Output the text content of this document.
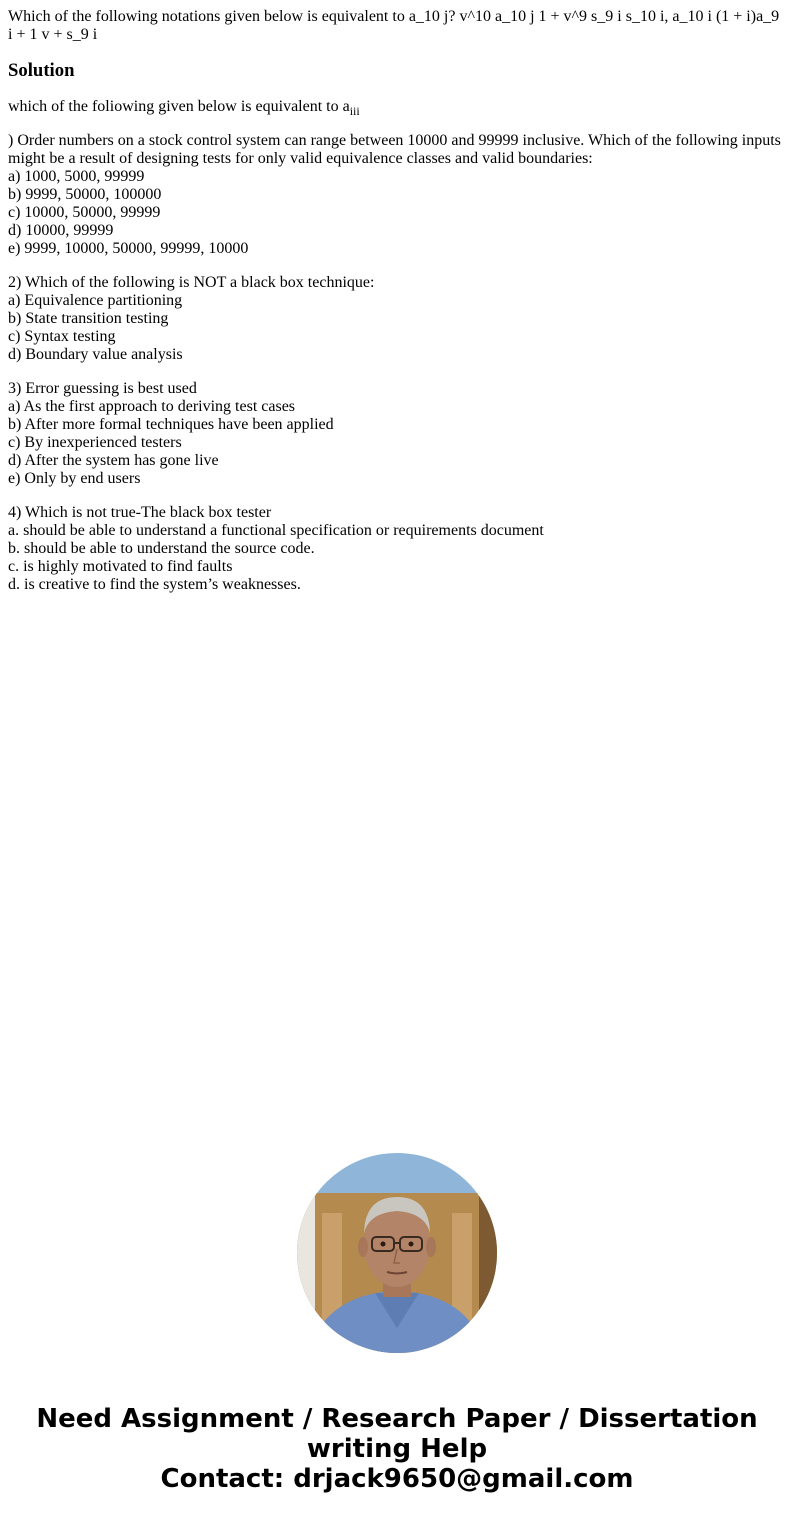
Which of the following notations given below is equivalent to a_10 j? v^10 a_10 j 1 + v^9 s_9 i s_10 i, a_10 i (1 + i)a_9 i + 1 v + s_9 i

Solution

which of the foliowing given below is equivalent to $a_{iii}$

) Order numbers on a stock control system can range between 10000 and 99999 inclusive. Which of the following inputs might be a result of designing tests for only valid equivalence classes and valid boundaries:
a) 1000, 5000, 99999
b) 9999, 50000, 100000
c) 10000, 50000, 99999
d) 10000, 99999
e) 9999, 10000, 50000, 99999, 10000

2) Which of the following is NOT a black box technique:
a) Equivalence partitioning
b) State transition testing
c) Syntax testing
d) Boundary value analysis

3) Error guessing is best used
a) As the first approach to deriving test cases
b) After more formal techniques have been applied
c) By inexperienced testers
d) After the system has gone live
e) Only by end users

4) Which is not true-The black box tester
a. should be able to understand a functional specification or requirements document
b. should be able to understand the source code.
c. is highly motivated to find faults
d. is creative to find the system’s weaknesses.

Need Assignment / Research Paper / Dissertation
writing Help
Contact: drjack9650@gmail.com
